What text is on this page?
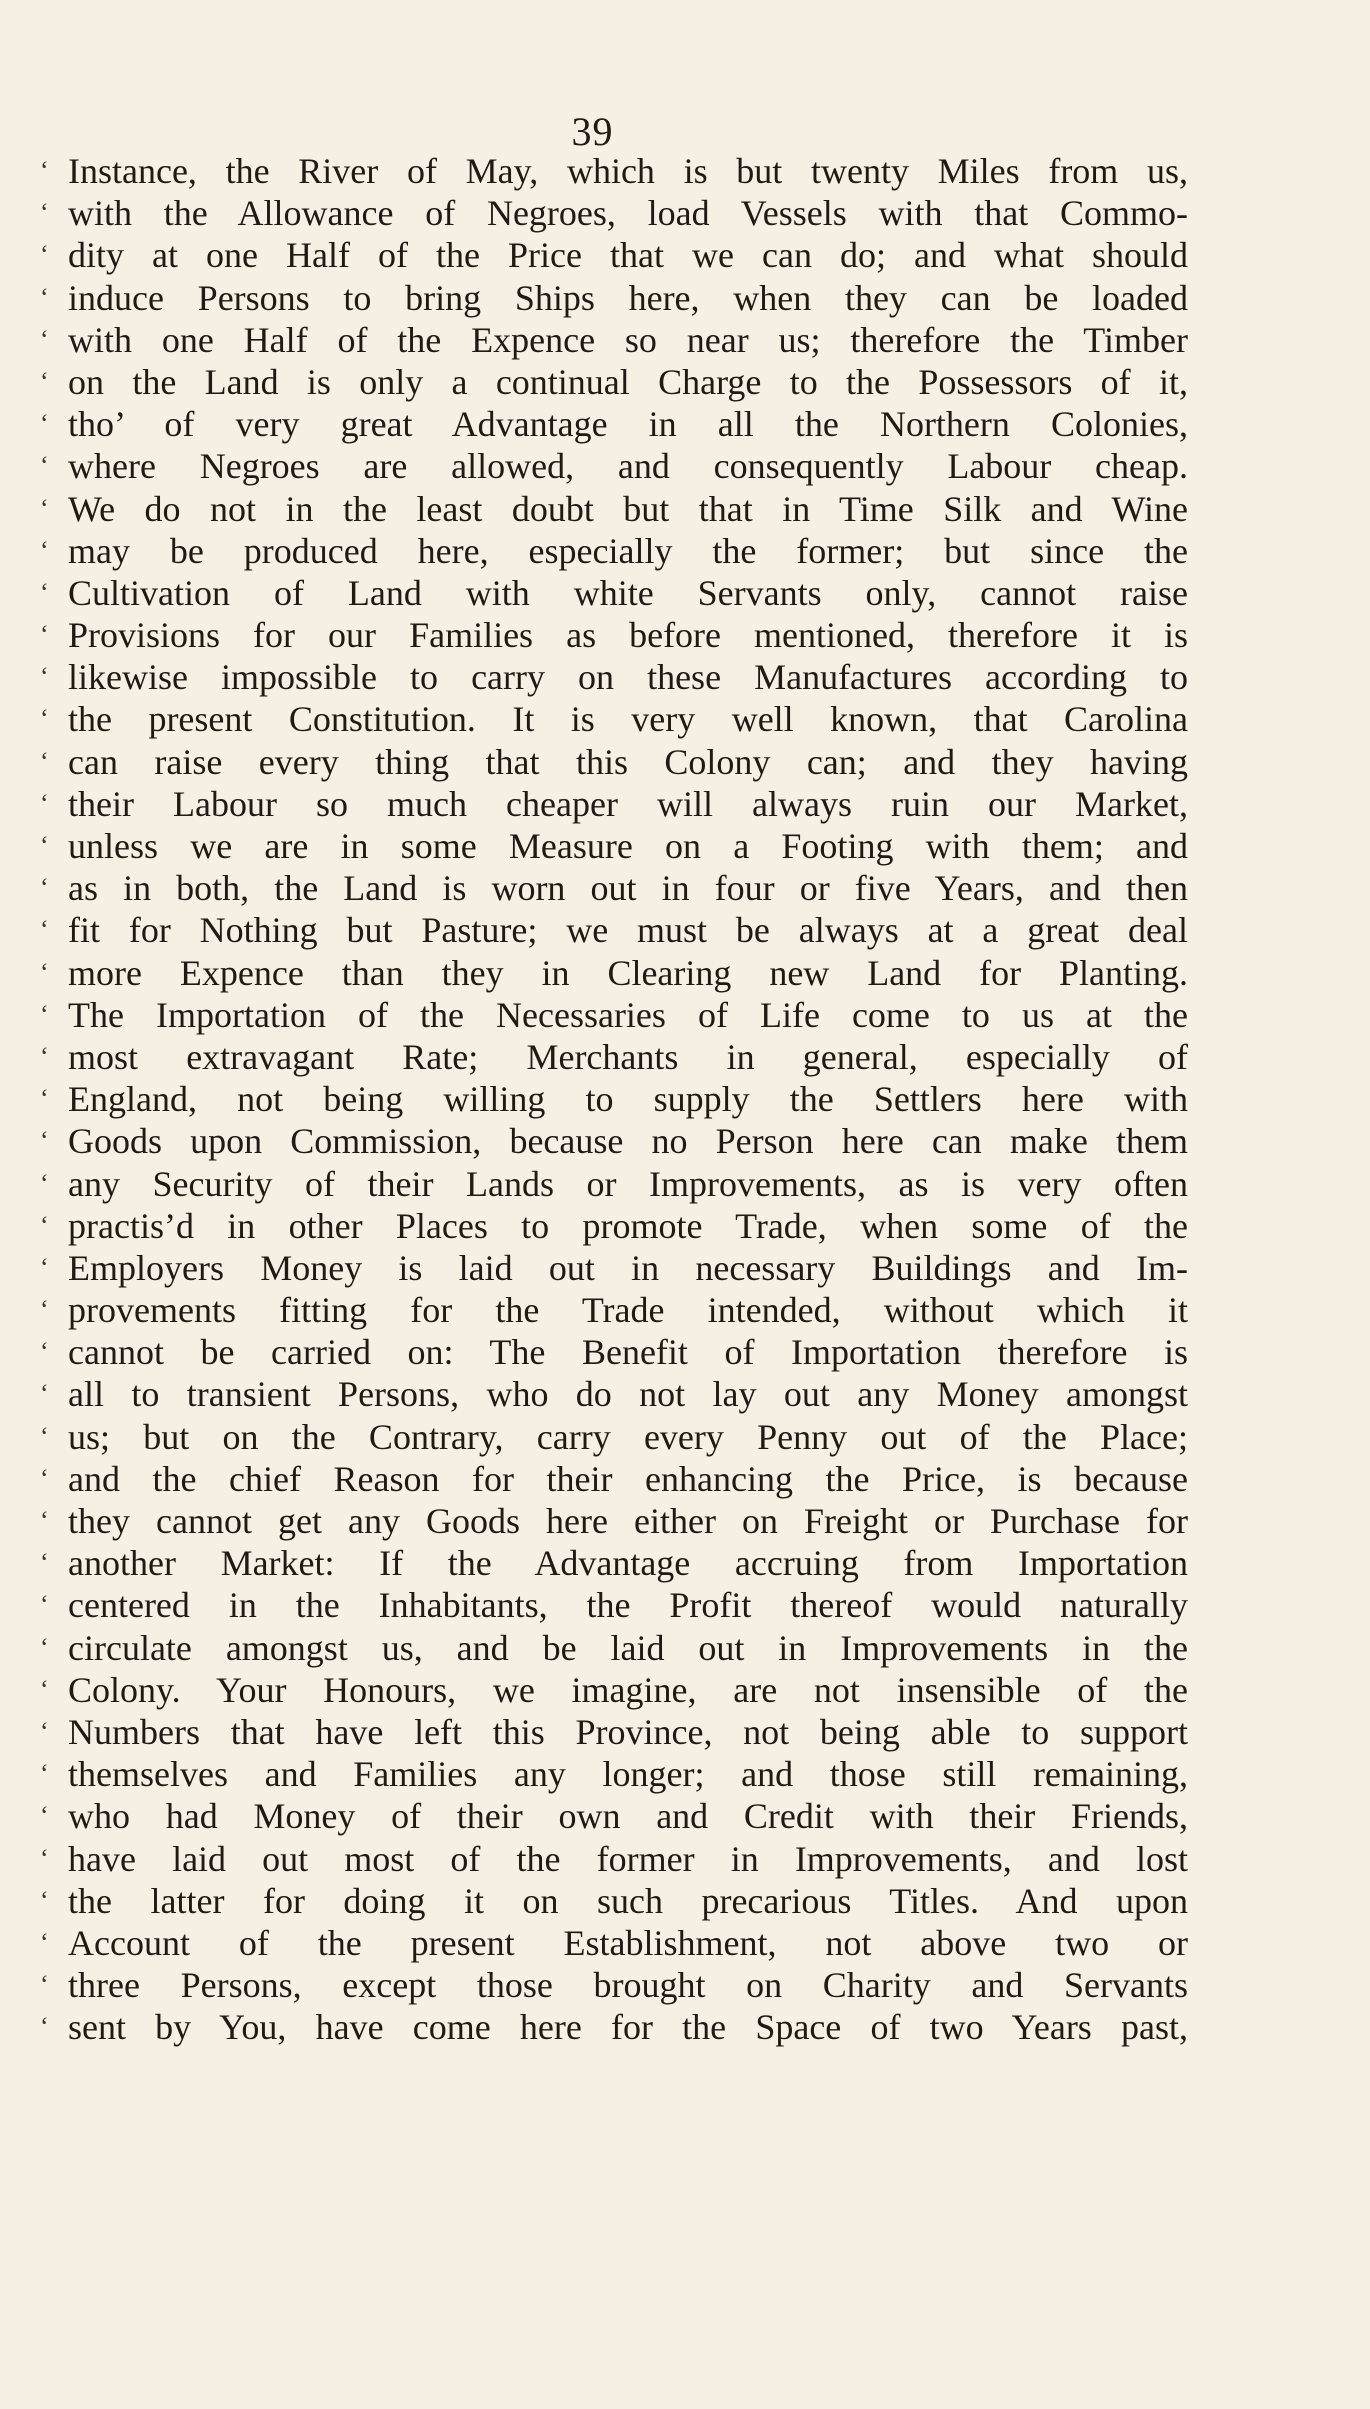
39
‘ Instance, the River of May, which is but twenty Miles from us,
‘ with the Allowance of Negroes, load Vessels with that Commo-
‘ dity at one Half of the Price that we can do; and what should
‘ induce Persons to bring Ships here, when they can be loaded
‘ with one Half of the Expence so near us; therefore the Timber
‘ on the Land is only a continual Charge to the Possessors of it,
‘ tho’ of very great Advantage in all the Northern Colonies,
‘ where Negroes are allowed, and consequently Labour cheap.
‘ We do not in the least doubt but that in Time Silk and Wine
‘ may be produced here, especially the former; but since the
‘ Cultivation of Land with white Servants only, cannot raise
‘ Provisions for our Families as before mentioned, therefore it is
‘ likewise impossible to carry on these Manufactures according to
‘ the present Constitution. It is very well known, that Carolina
‘ can raise every thing that this Colony can; and they having
‘ their Labour so much cheaper will always ruin our Market,
‘ unless we are in some Measure on a Footing with them; and
‘ as in both, the Land is worn out in four or five Years, and then
‘ fit for Nothing but Pasture; we must be always at a great deal
‘ more Expence than they in Clearing new Land for Planting.
‘ The Importation of the Necessaries of Life come to us at the
‘ most extravagant Rate; Merchants in general, especially of
‘ England, not being willing to supply the Settlers here with
‘ Goods upon Commission, because no Person here can make them
‘ any Security of their Lands or Improvements, as is very often
‘ practis’d in other Places to promote Trade, when some of the
‘ Employers Money is laid out in necessary Buildings and Im-
‘ provements fitting for the Trade intended, without which it
‘ cannot be carried on: The Benefit of Importation therefore is
‘ all to transient Persons, who do not lay out any Money amongst
‘ us; but on the Contrary, carry every Penny out of the Place;
‘ and the chief Reason for their enhancing the Price, is because
‘ they cannot get any Goods here either on Freight or Purchase for
‘ another Market: If the Advantage accruing from Importation
‘ centered in the Inhabitants, the Profit thereof would naturally
‘ circulate amongst us, and be laid out in Improvements in the
‘ Colony. Your Honours, we imagine, are not insensible of the
‘ Numbers that have left this Province, not being able to support
‘ themselves and Families any longer; and those still remaining,
‘ who had Money of their own and Credit with their Friends,
‘ have laid out most of the former in Improvements, and lost
‘ the latter for doing it on such precarious Titles. And upon
‘ Account of the present Establishment, not above two or
‘ three Persons, except those brought on Charity and Servants
‘ sent by You, have come here for the Space of two Years past,
